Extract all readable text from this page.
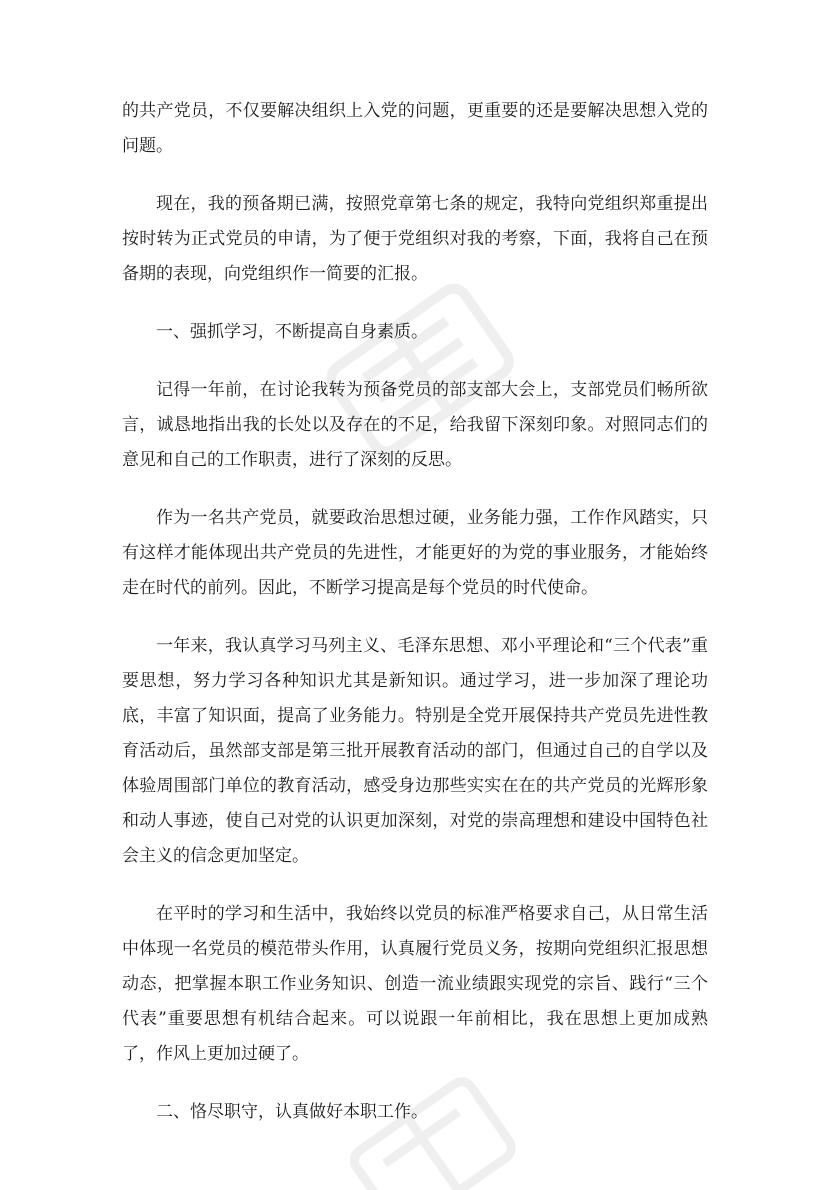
的共产党员，不仅要解决组织上入党的问题，更重要的还是要解决思想入党的问题。

现在，我的预备期已满，按照党章第七条的规定，我特向党组织郑重提出按时转为正式党员的申请，为了便于党组织对我的考察，下面，我将自己在预备期的表现，向党组织作一简要的汇报。

一、强抓学习，不断提高自身素质。

记得一年前，在讨论我转为预备党员的部支部大会上，支部党员们畅所欲言，诚恳地指出我的长处以及存在的不足，给我留下深刻印象。对照同志们的意见和自己的工作职责，进行了深刻的反思。

作为一名共产党员，就要政治思想过硬，业务能力强，工作作风踏实，只有这样才能体现出共产党员的先进性，才能更好的为党的事业服务，才能始终走在时代的前列。因此，不断学习提高是每个党员的时代使命。

一年来，我认真学习马列主义、毛泽东思想、邓小平理论和“三个代表”重要思想，努力学习各种知识尤其是新知识。通过学习，进一步加深了理论功底，丰富了知识面，提高了业务能力。特别是全党开展保持共产党员先进性教育活动后，虽然部支部是第三批开展教育活动的部门，但通过自己的自学以及体验周围部门单位的教育活动，感受身边那些实实在在的共产党员的光辉形象和动人事迹，使自己对党的认识更加深刻，对党的崇高理想和建设中国特色社会主义的信念更加坚定。

在平时的学习和生活中，我始终以党员的标准严格要求自己，从日常生活中体现一名党员的模范带头作用，认真履行党员义务，按期向党组织汇报思想动态，把掌握本职工作业务知识、创造一流业绩跟实现党的宗旨、践行“三个代表”重要思想有机结合起来。可以说跟一年前相比，我在思想上更加成熟了，作风上更加过硬了。

二、恪尽职守，认真做好本职工作。
